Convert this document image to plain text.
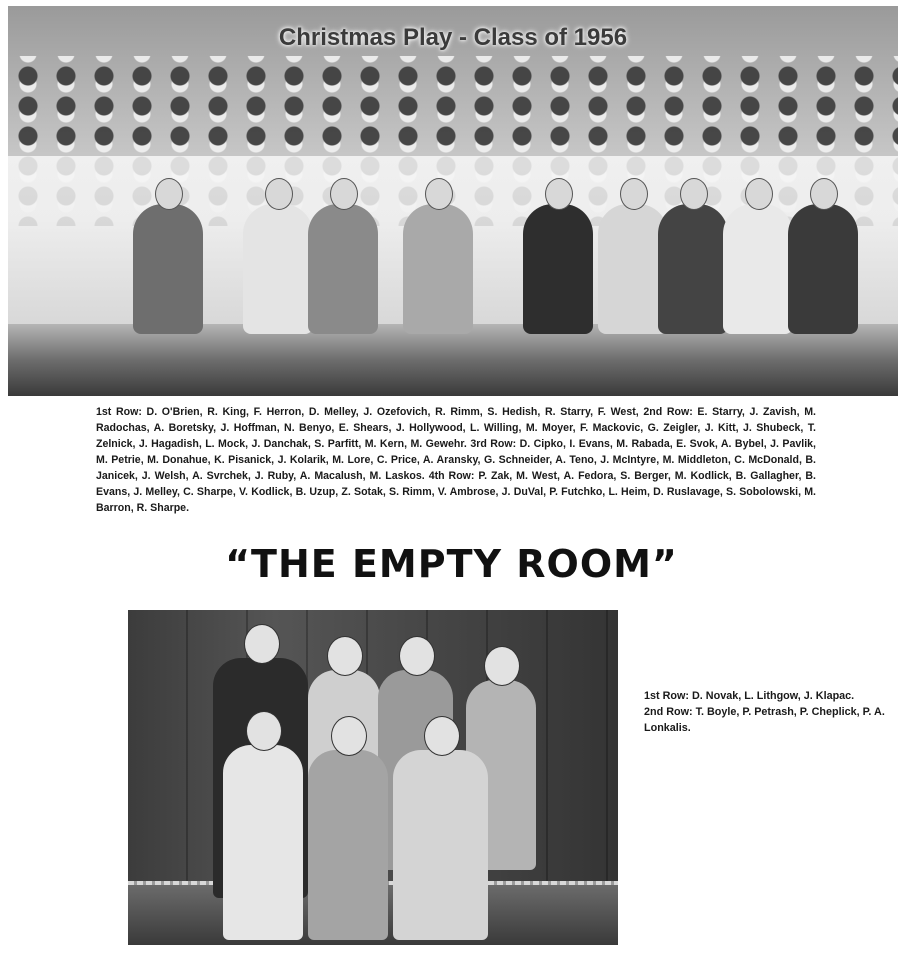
Christmas Play - Class of 1956
1st Row: D. O'Brien, R. King, F. Herron, D. Melley, J. Ozefovich, R. Rimm, S. Hedish, R. Starry, F. West, 2nd Row: E. Starry, J. Zavish, M. Radochas, A. Boretsky, J. Hoffman, N. Benyo, E. Shears, J. Hollywood, L. Willing, M. Moyer, F. Mackovic, G. Zeigler, J. Kitt, J. Shubeck, T. Zelnick, J. Hagadish, L. Mock, J. Danchak, S. Parfitt, M. Kern, M. Gewehr. 3rd Row: D. Cipko, I. Evans, M. Rabada, E. Svok, A. Bybel, J. Pavlik, M. Petrie, M. Donahue, K. Pisanick, J. Kolarik, M. Lore, C. Price, A. Aransky, G. Schneider, A. Teno, J. McIntyre, M. Middleton, C. McDonald, B. Janicek, J. Welsh, A. Svrchek, J. Ruby, A. Macalush, M. Laskos. 4th Row: P. Zak, M. West, A. Fedora, S. Berger, M. Kodlick, B. Gallagher, B. Evans, J. Melley, C. Sharpe, V. Kodlick, B. Uzup, Z. Sotak, S. Rimm, V. Ambrose, J. DuVal, P. Futchko, L. Heim, D. Ruslavage, S. Sobolowski, M. Barron, R. Sharpe.
“THE EMPTY ROOM”
1st Row: D. Novak, L. Lithgow, J. Klapac.
2nd Row: T. Boyle, P. Petrash, P. Cheplick, P. A. Lonkalis.
